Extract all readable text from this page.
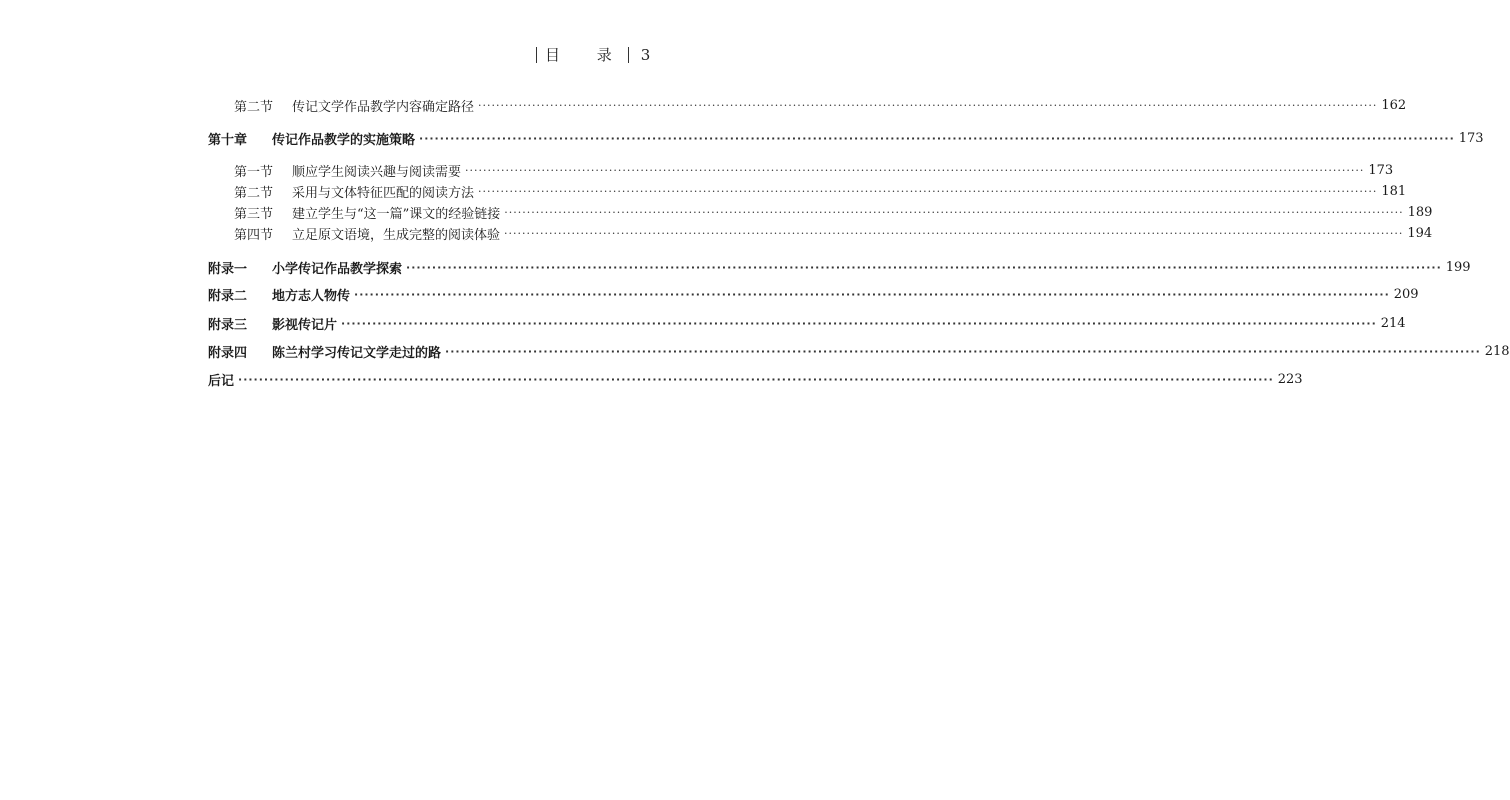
目 录 3
第二节 传记文学作品教学内容确定路径 ········································································································································································································ 162
第十章 传记作品教学的实施策略 ········································································································································································································ 173
第一节 顺应学生阅读兴趣与阅读需要 ········································································································································································································ 173
第二节 采用与文体特征匹配的阅读方法 ········································································································································································································ 181
第三节 建立学生与“这一篇”课文的经验链接 ········································································································································································································ 189
第四节 立足原文语境，生成完整的阅读体验 ········································································································································································································ 194
附录一 小学传记作品教学探索 ········································································································································································································ 199
附录二 地方志人物传 ········································································································································································································ 209
附录三 影视传记片 ········································································································································································································ 214
附录四 陈兰村学习传记文学走过的路 ········································································································································································································ 218
后记 ········································································································································································································ 223
